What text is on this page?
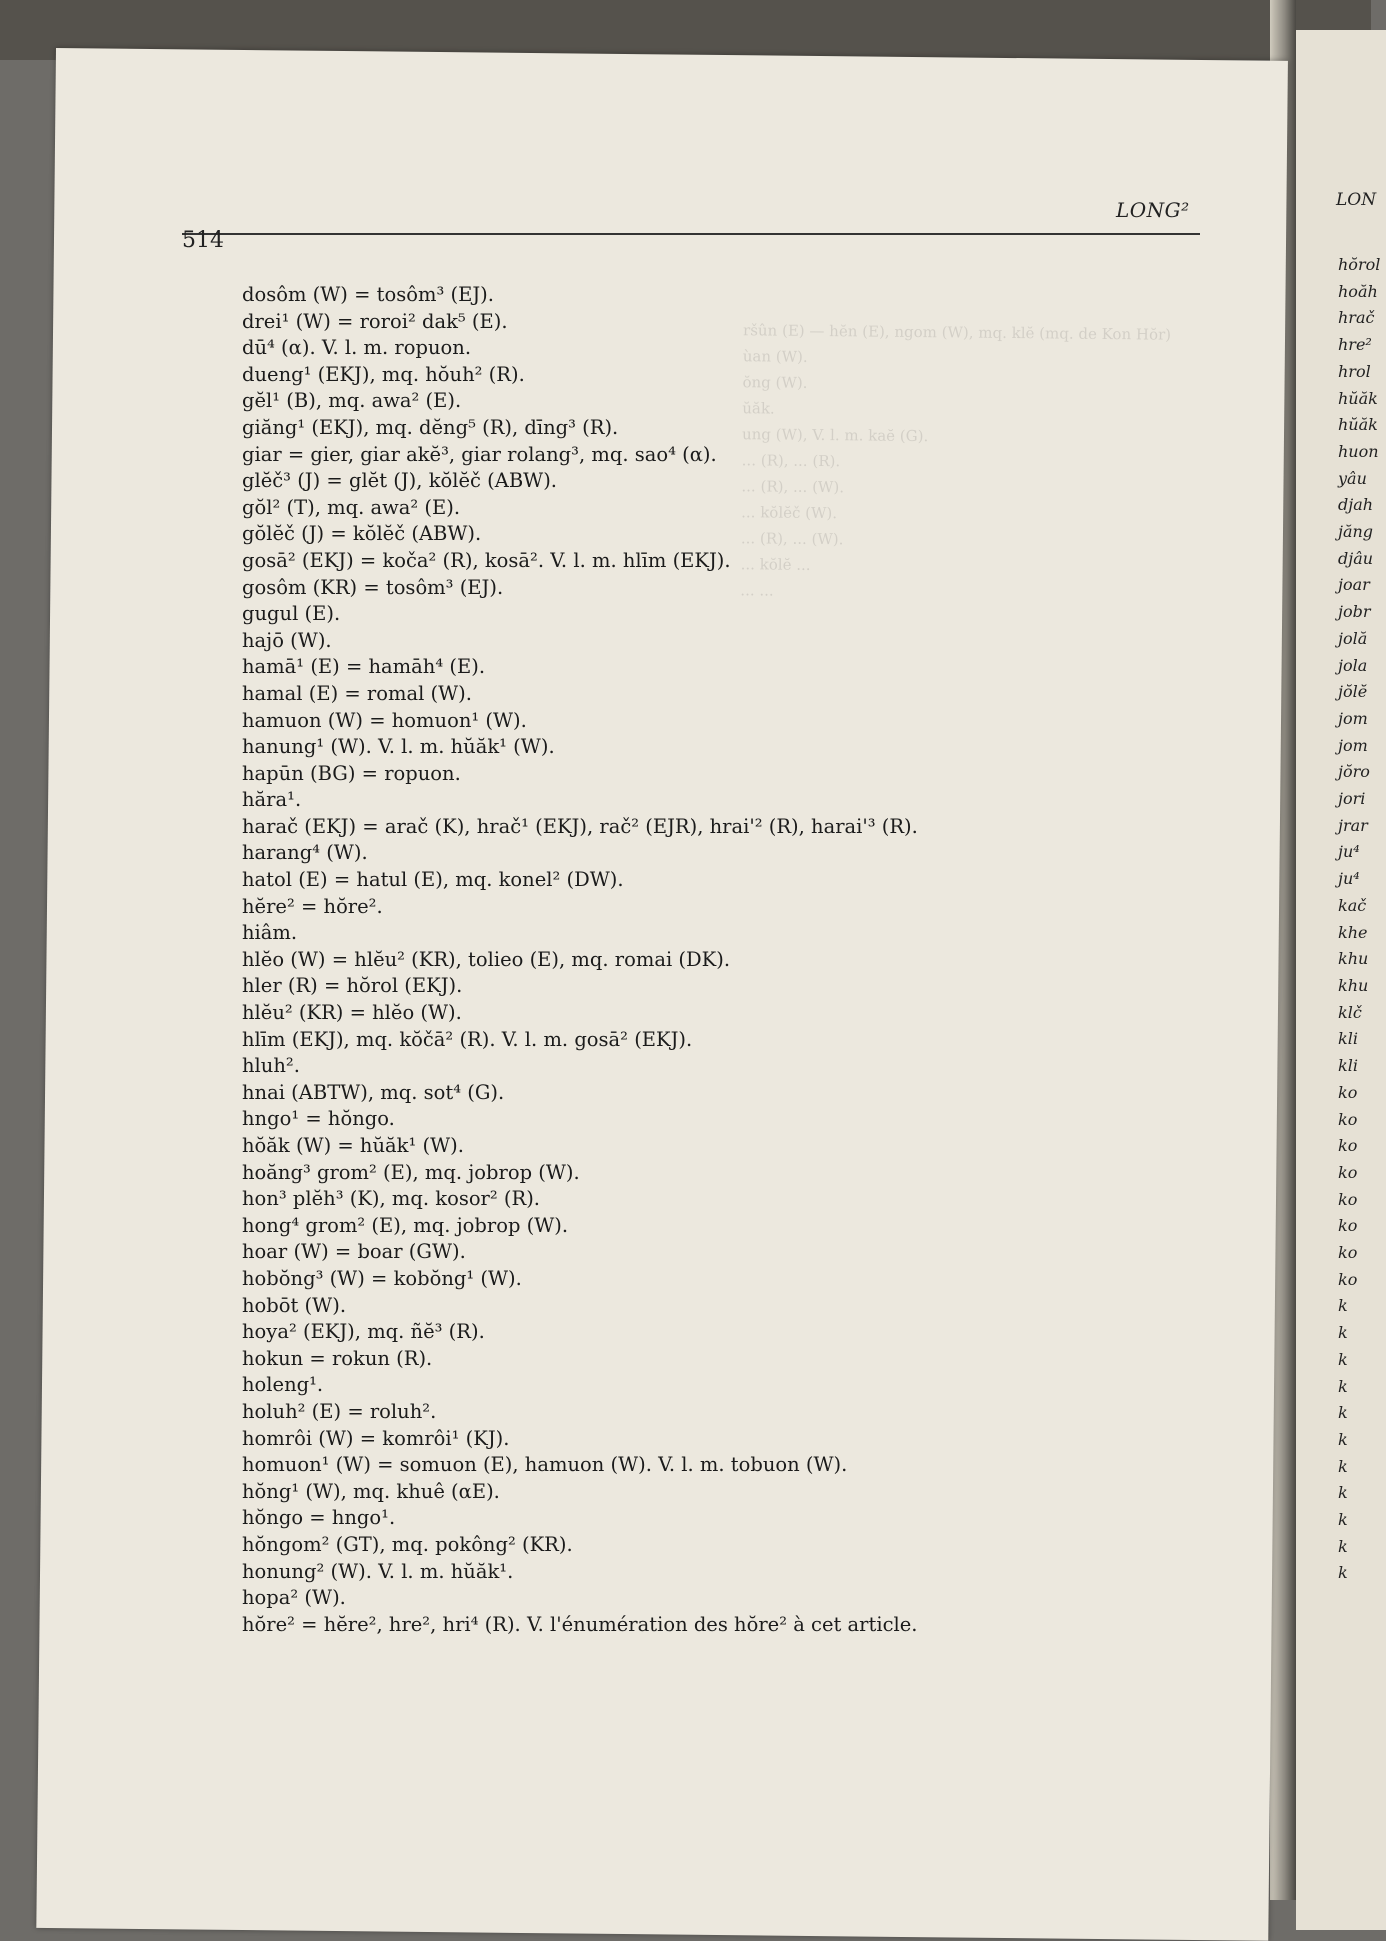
LON
hŏrol
hoăh
hrač
hre²
hrol
hŭăk
hŭăk
huon
yâu
djah
jăng
djâu
joar
jobr
jolă
jola
jŏlĕ
jom
jom
jŏro
jori
jrar
ju⁴
ju⁴
kač
khe
khu
khu
klč
kli
kli
ko
ko
ko
ko
ko
ko
ko
ko
k
k
k
k
k
k
k
k
k
k
k
ršûn (E) — hĕn (E), ngom (W), mq. klĕ (mq. de Kon Hŏr)
ùan (W).
ŏng (W).
ŭăk.
ung (W), V. l. m. kaĕ (G).
... (R), ... (R).
... (R), ... (W).
... kŏlĕč (W).
... (R), ... (W).
... kŏlĕ ...
... ...
LONG²
514
dosôm (W) = tosôm³ (EJ).
drei¹ (W) = roroi² dak⁵ (E).
dū⁴ (α). V. l. m. ropuon.
dueng¹ (EKJ), mq. hŏuh² (R).
gĕl¹ (B), mq. awa² (E).
giăng¹ (EKJ), mq. dĕng⁵ (R), dīng³ (R).
giar = gier, giar akĕ³, giar rolang³, mq. sao⁴ (α).
glĕč³ (J) = glĕt (J), kŏlĕč (ABW).
gŏl² (T), mq. awa² (E).
gŏlĕč (J) = kŏlĕč (ABW).
gosā² (EKJ) = koča² (R), kosā². V. l. m. hlīm (EKJ).
gosôm (KR) = tosôm³ (EJ).
gugul (E).
hajō (W).
hamā¹ (E) = hamāh⁴ (E).
hamal (E) = romal (W).
hamuon (W) = homuon¹ (W).
hanung¹ (W). V. l. m. hŭăk¹ (W).
hapūn (BG) = ropuon.
hăra¹.
harač (EKJ) = arač (K), hrač¹ (EKJ), rač² (EJR), hrai'² (R), harai'³ (R).
harang⁴ (W).
hatol (E) = hatul (E), mq. konel² (DW).
hĕre² = hŏre².
hiâm.
hlĕo (W) = hlĕu² (KR), tolieo (E), mq. romai (DK).
hler (R) = hŏrol (EKJ).
hlĕu² (KR) = hlĕo (W).
hlīm (EKJ), mq. kŏčā² (R). V. l. m. gosā² (EKJ).
hluh².
hnai (ABTW), mq. sot⁴ (G).
hngo¹ = hŏngo.
hŏăk (W) = hŭăk¹ (W).
hoăng³ grom² (E), mq. jobrop (W).
hon³ plĕh³ (K), mq. kosor² (R).
hong⁴ grom² (E), mq. jobrop (W).
hoar (W) = boar (GW).
hobŏng³ (W) = kobŏng¹ (W).
hobōt (W).
hoya² (EKJ), mq. ñĕ³ (R).
hokun = rokun (R).
holeng¹.
holuh² (E) = roluh².
homrôi (W) = komrôi¹ (KJ).
homuon¹ (W) = somuon (E), hamuon (W). V. l. m. tobuon (W).
hŏng¹ (W), mq. khuê (αE).
hŏngo = hngo¹.
hŏngom² (GT), mq. pokông² (KR).
honung² (W). V. l. m. hŭăk¹.
hopa² (W).
hŏre² = hĕre², hre², hri⁴ (R). V. l'énumération des hŏre² à cet article.
